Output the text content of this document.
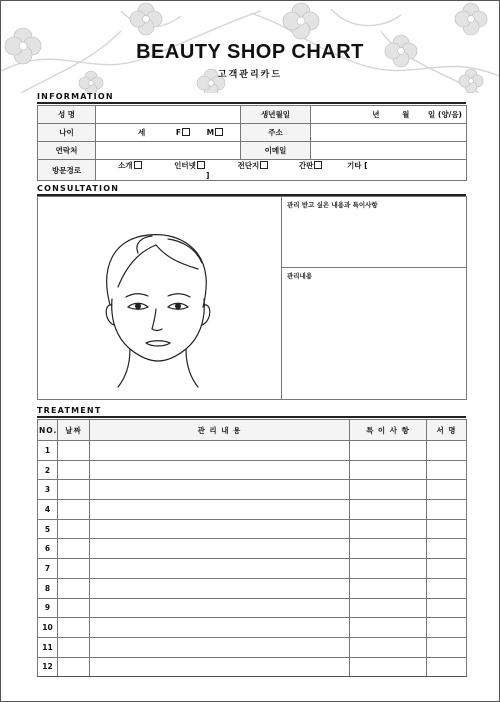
BEAUTY SHOP CHART
고객관리카드
INFORMATION
성 명		생년월일	년 월 일 (양/음)
나이	세 F M	주소	
연락처		이메일	
방문경로	소개 인터넷 전단지 간판 기타 [ ]		
CONSULTATION
관리 받고 싶은 내용과 특이사항
관리내용
TREATMENT
NO.	날짜	관 리 내 용	특 이 사 항	서 명
1				
2				
3				
4				
5				
6				
7				
8				
9				
10				
11				
12				
